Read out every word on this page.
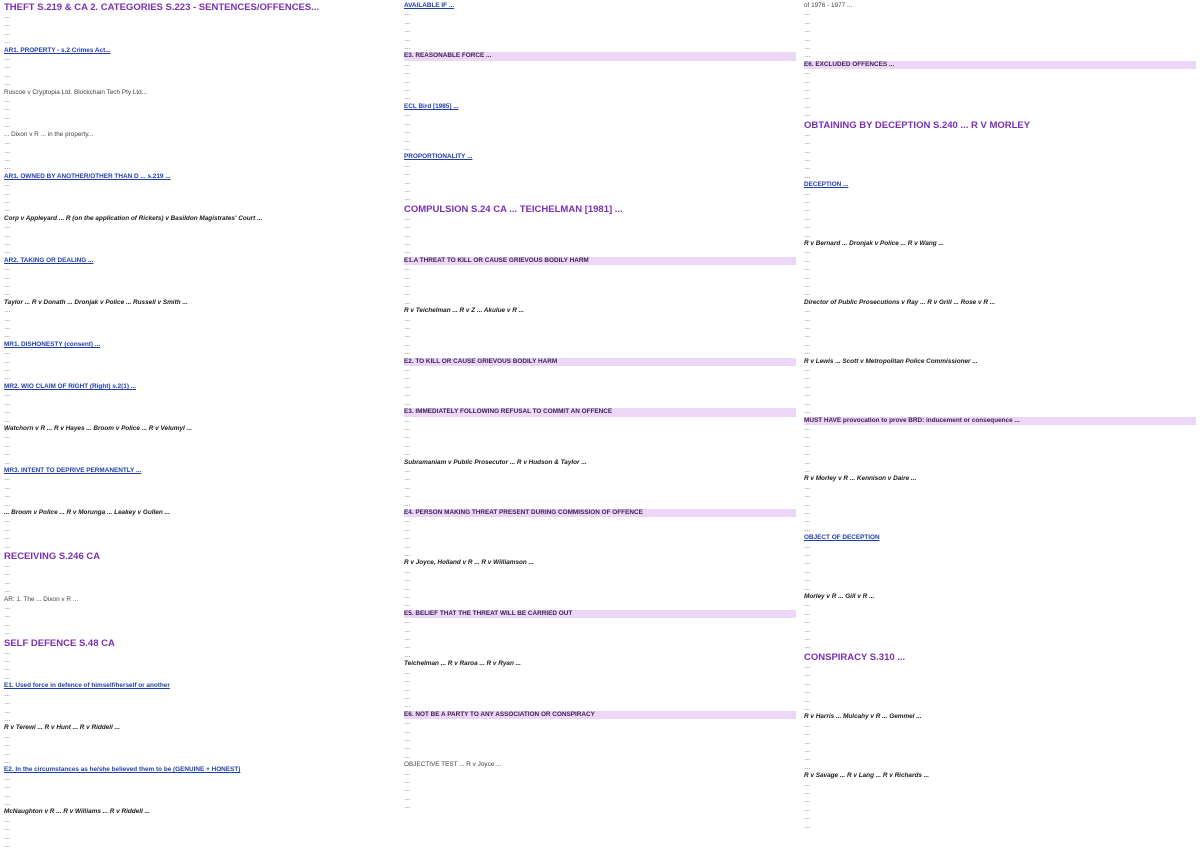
THEFT S.219 & CA 2. CATEGORIES S.223 - SENTENCES/OFFENCES...
…
…
…
…
AR1. PROPERTY - s.2 Crimes Act...
…
…
…
…
Ruscoe v Cryptopia Ltd. Blockchain Tech Pty Ltd...
…
…
…
…
... Dixon v R ... in the property...
…
…
…
…
AR1. OWNED BY ANOTHER/OTHER THAN D ... s.219 ...
…
…
…
…
Corp v Appleyard ... R (on the application of Rickets) v Basildon Magistrates' Court ...
…
…
…
…
AR2. TAKING OR DEALING ...
…
…
…
…
Taylor ... R v Donath ... Dronjak v Police ... Russell v Smith ...
…
…
…
…
MR1. DISHONESTY (consent) ...
…
…
…
…
MR2. WIO CLAIM OF RIGHT (Right) s.2(1) ...
…
…
…
…
Watchorn v R ... R v Hayes ... Broom v Police ... R v Velumyl ...
…
…
…
…
MR3. INTENT TO DEPRIVE PERMANENTLY ...
…
…
…
…
... Broom v Police ... R v Morunga ... Leakey v Gullen ...
…
…
…
…
RECEIVING S.246 CA
…
…
…
…
AR: 1. The ... Dixon v R ...
…
…
…
…
SELF DEFENCE S.48 CA
…
…
…
…
E1. Used force in defence of himself/herself or another
…
…
…
…
R v Terewi ... R v Hunt ... R v Riddell ...
…
…
…
…
E2. In the circumstances as he/she believed them to be (GENUINE + HONEST)
…
…
…
…
McNaughton v R ... R v Williams ... R v Riddell ...
…
…
…
…
AVAILABLE IF ...
…
…
…
…
…
E3. REASONABLE FORCE ...
…
…
…
…
…
ECL Bird [1985] ...
…
…
…
…
…
PROPORTIONALITY ...
…
…
…
…
…
COMPULSION S.24 CA ... TEICHELMAN [1981] ...
…
…
…
…
…
E1.A THREAT TO KILL OR CAUSE GRIEVOUS BODILY HARM
…
…
…
…
…
R v Teichelman ... R v Z ... Akulue v R ...
…
…
…
…
…
E2. TO KILL OR CAUSE GRIEVOUS BODILY HARM
…
…
…
…
…
E3. IMMEDIATELY FOLLOWING REFUSAL TO COMMIT AN OFFENCE
…
…
…
…
…
Subramaniam v Public Prosecutor ... R v Hudson & Taylor ...
…
…
…
…
…
E4. PERSON MAKING THREAT PRESENT DURING COMMISSION OF OFFENCE
…
…
…
…
…
R v Joyce, Holland v R ... R v Williamson ...
…
…
…
…
…
E5. BELIEF THAT THE THREAT WILL BE CARRIED OUT
…
…
…
…
…
Teichelman ... R v Raroa ... R v Ryan ...
…
…
…
…
…
E6. NOT BE A PARTY TO ANY ASSOCIATION OR CONSPIRACY
…
…
…
…
…
OBJECTIVE TEST ... R v Joyce ...
…
…
…
…
…
of 1976 - 1977 ...
…
…
…
…
…
…
E6. EXCLUDED OFFENCES ...
…
…
…
…
…
…
OBTAINING BY DECEPTION S.240 ... R V MORLEY
…
…
…
…
…
…
DECEPTION ...
…
…
…
…
…
…
R v Bernard ... Dronjak v Police ... R v Wang ...
…
…
…
…
…
…
Director of Public Prosecutions v Ray ... R v Grill ... Rose v R ...
…
…
…
…
…
…
R v Lewis ... Scott v Metropolitan Police Commissioner ...
…
…
…
…
…
…
MUST HAVE provocation to prove BRD: inducement or consequence ...
…
…
…
…
…
…
R v Morley v R ... Kennison v Daire ...
…
…
…
…
…
…
OBJECT OF DECEPTION
…
…
…
…
…
…
Morley v R ... Gill v R ...
…
…
…
…
…
…
CONSPIRACY S.310 ...
…
…
…
…
…
…
R v Harris ... Mulcahy v R ... Gemmel ...
…
…
…
…
…
…
R v Savage ... R v Lang ... R v Richards ...
…
…
…
…
…
…
